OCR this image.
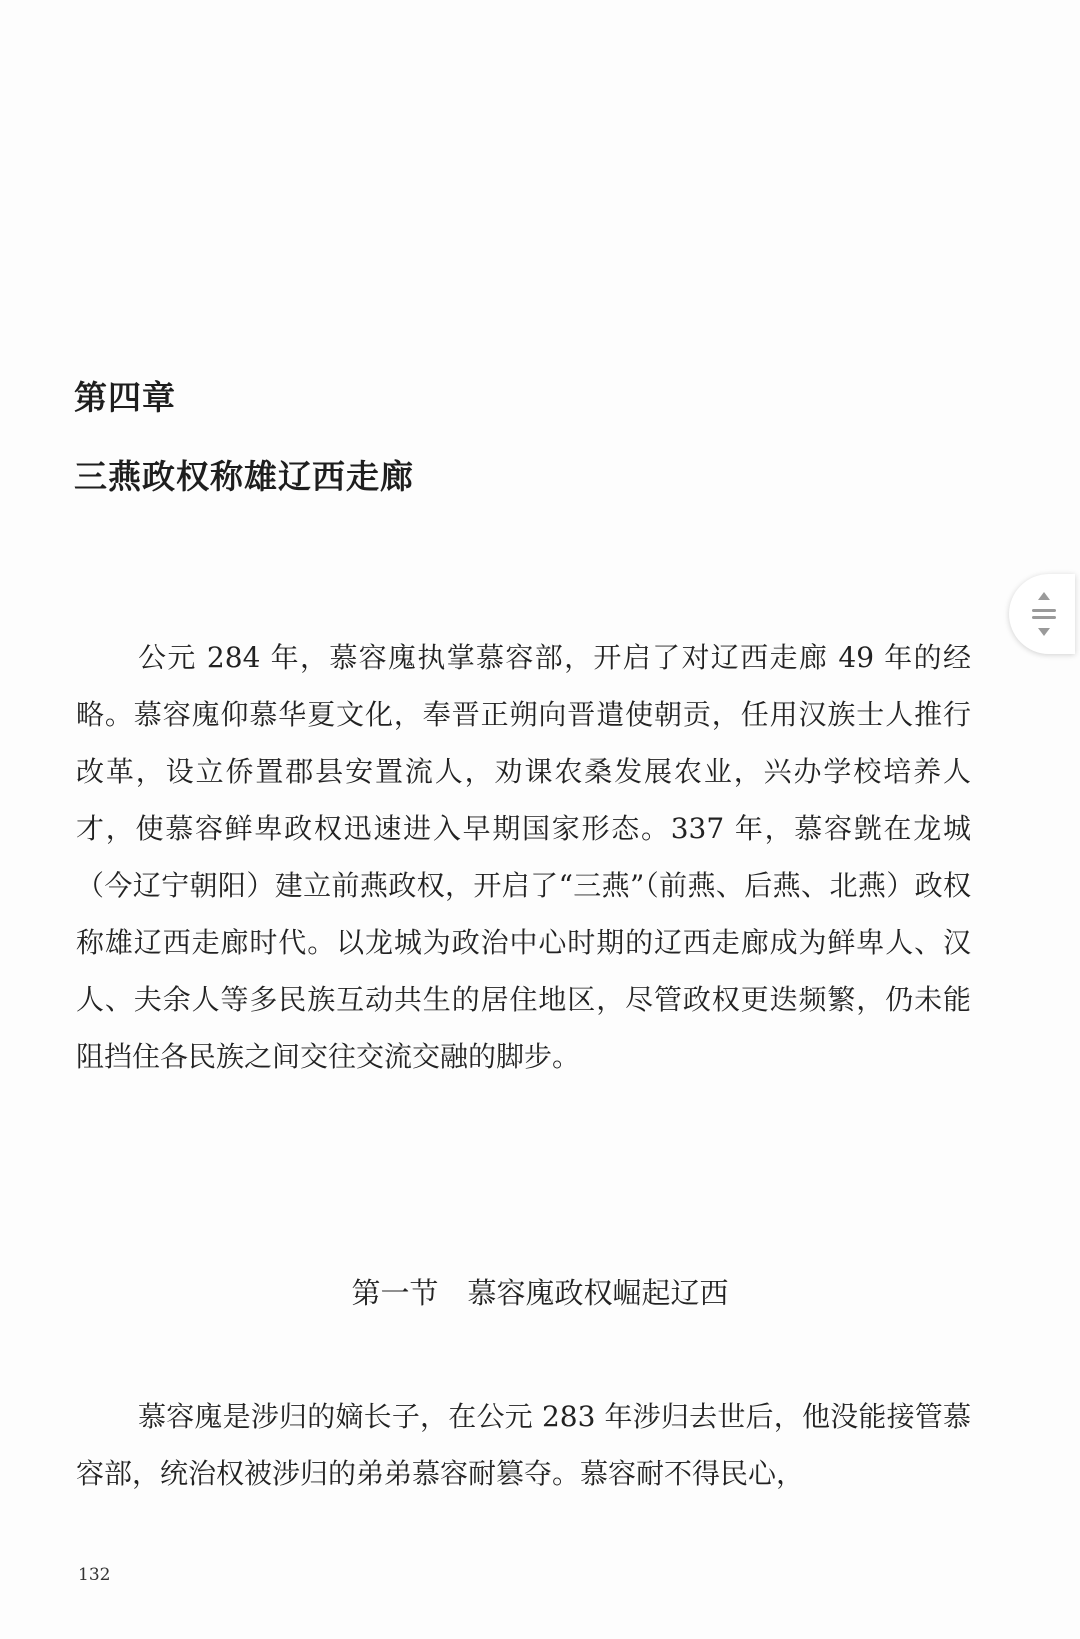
第四章
三燕政权称雄辽西走廊
公元 284 年，慕容廆执掌慕容部，开启了对辽西走廊 49 年的经略。慕容廆仰慕华夏文化，奉晋正朔向晋遣使朝贡，任用汉族士人推行改革，设立侨置郡县安置流人，劝课农桑发展农业，兴办学校培养人才，使慕容鲜卑政权迅速进入早期国家形态。337 年，慕容皝在龙城（今辽宁朝阳）建立前燕政权，开启了“三燕”（前燕、后燕、北燕）政权称雄辽西走廊时代。以龙城为政治中心时期的辽西走廊成为鲜卑人、汉人、夫余人等多民族互动共生的居住地区，尽管政权更迭频繁，仍未能阻挡住各民族之间交往交流交融的脚步。
第一节　慕容廆政权崛起辽西
慕容廆是涉归的嫡长子，在公元 283 年涉归去世后，他没能接管慕容部，统治权被涉归的弟弟慕容耐篡夺。慕容耐不得民心，
132
